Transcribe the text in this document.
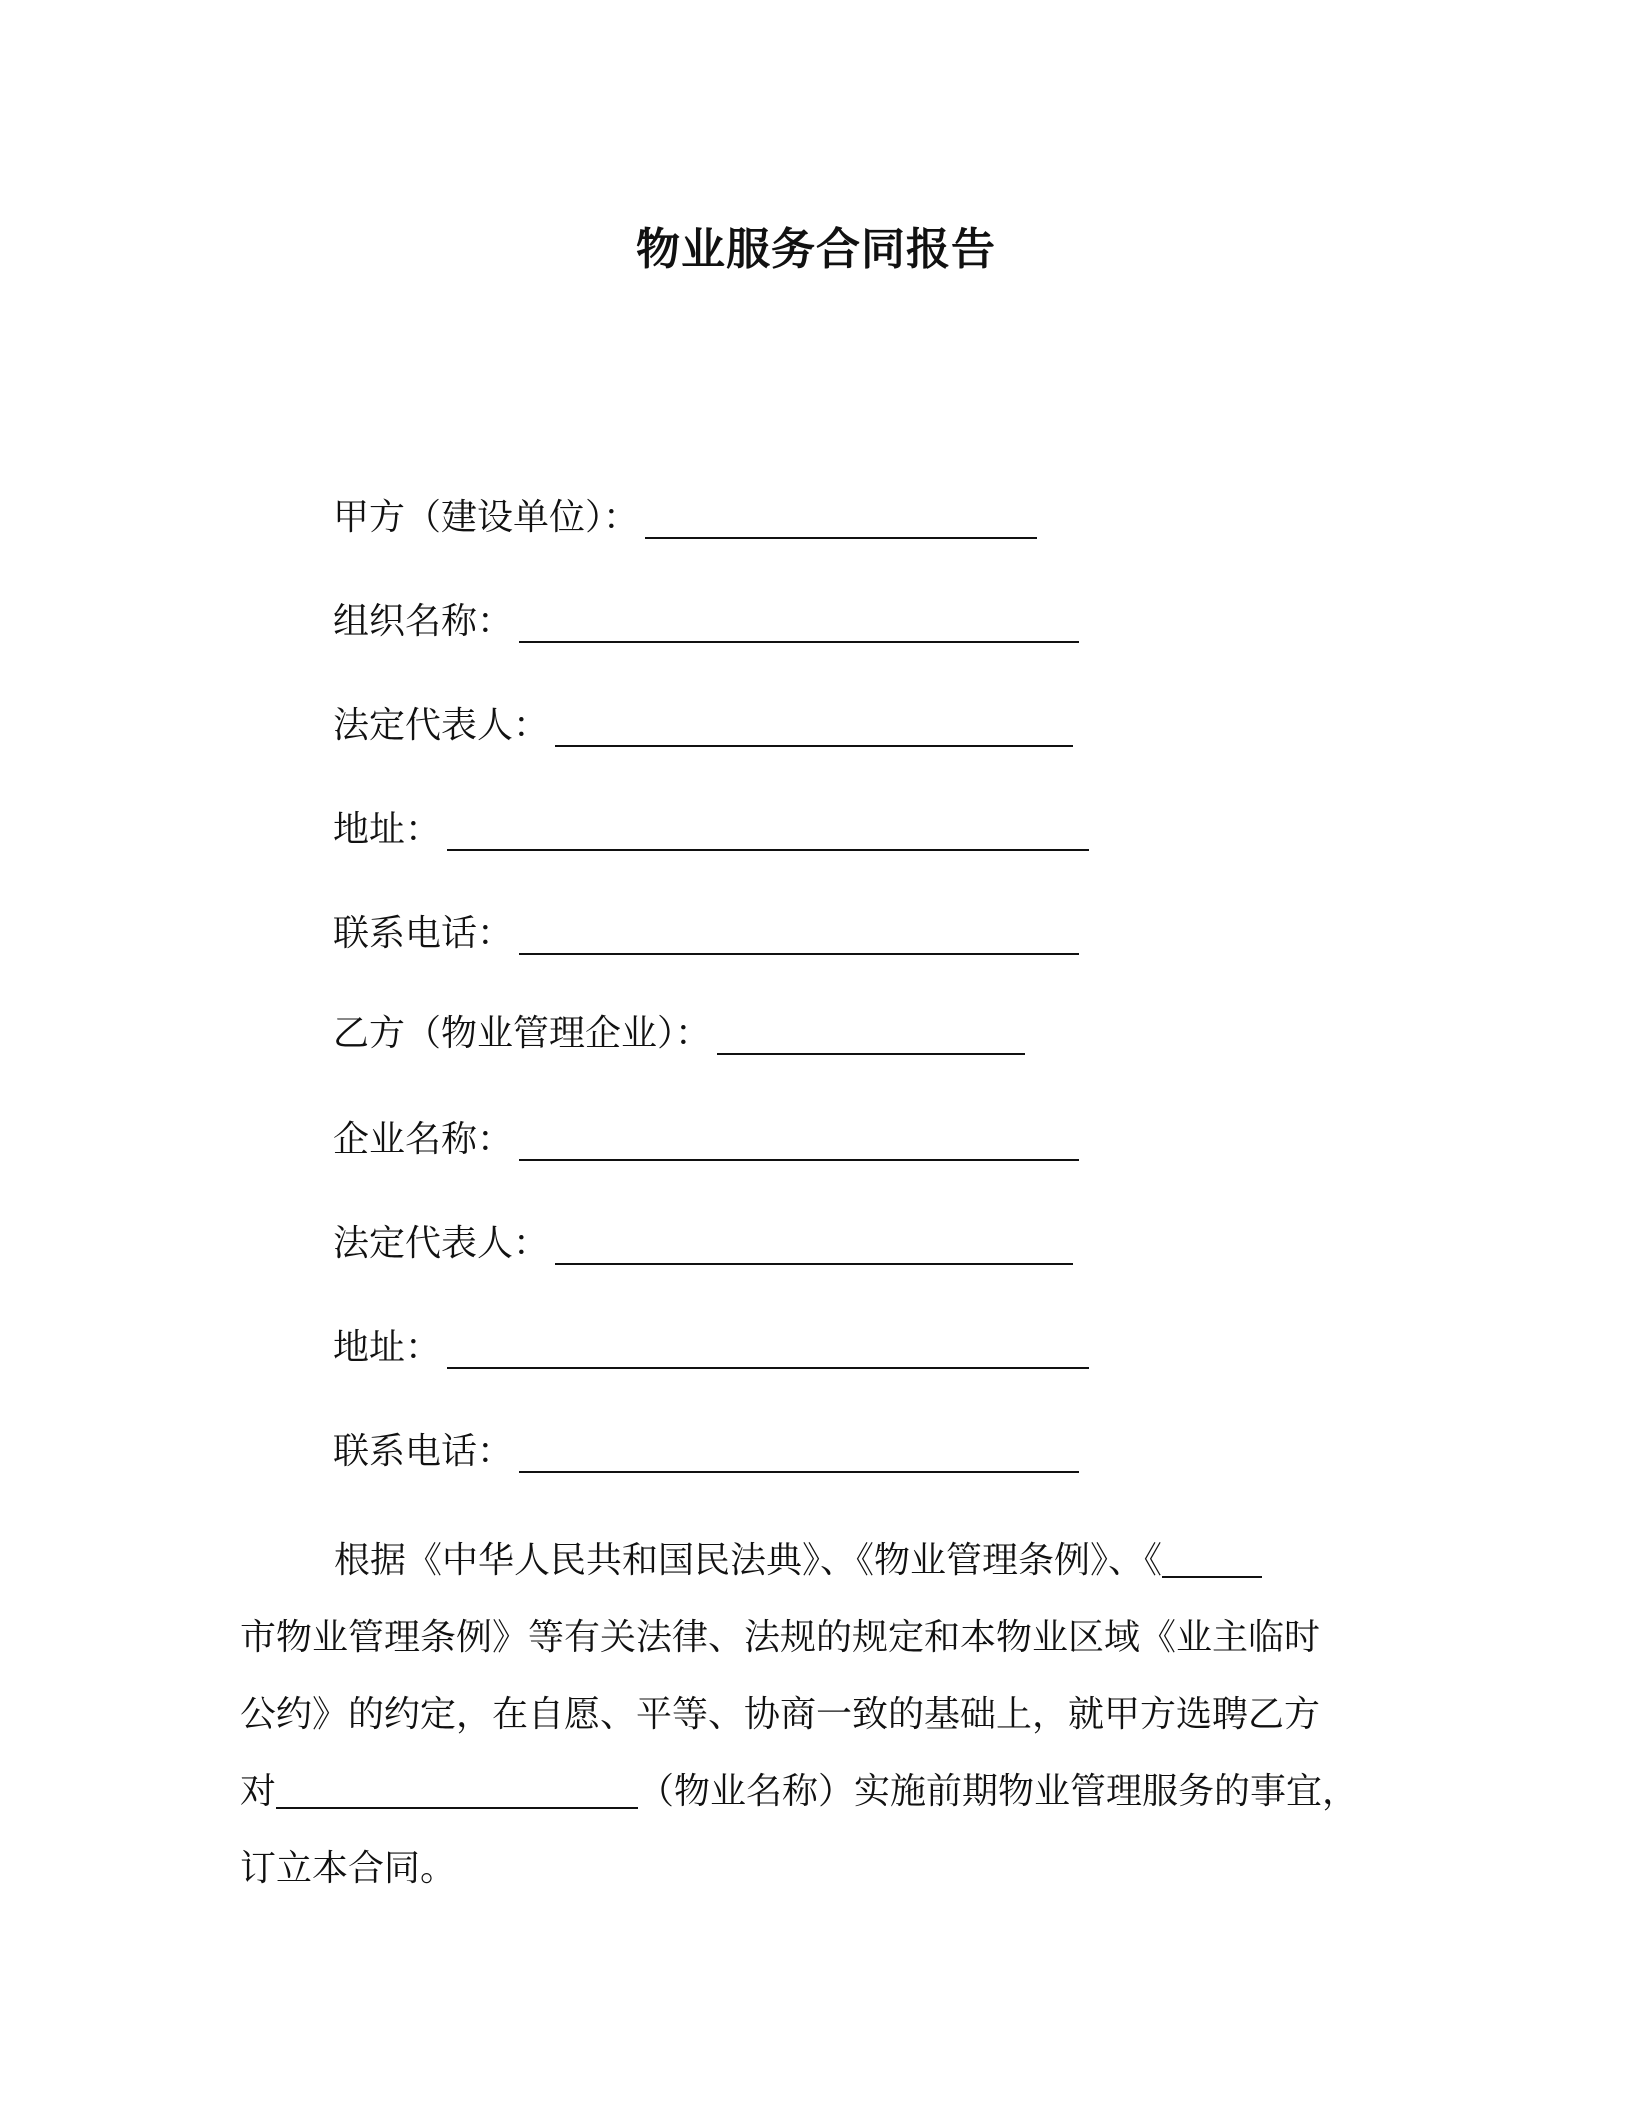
物业服务合同报告
甲方（建设单位）：
组织名称：
法定代表人：
地址：
联系电话：
乙方（物业管理企业）：
企业名称：
法定代表人：
地址：
联系电话：
根据《中华人民共和国民法典》、《物业管理条例》、《
市物业管理条例》等有关法律、法规的规定和本物业区域《业主临时
公约》的约定，在自愿、平等、协商一致的基础上，就甲方选聘乙方
对	（物业名称）实施前期物业管理服务的事宜，
订立本合同。
